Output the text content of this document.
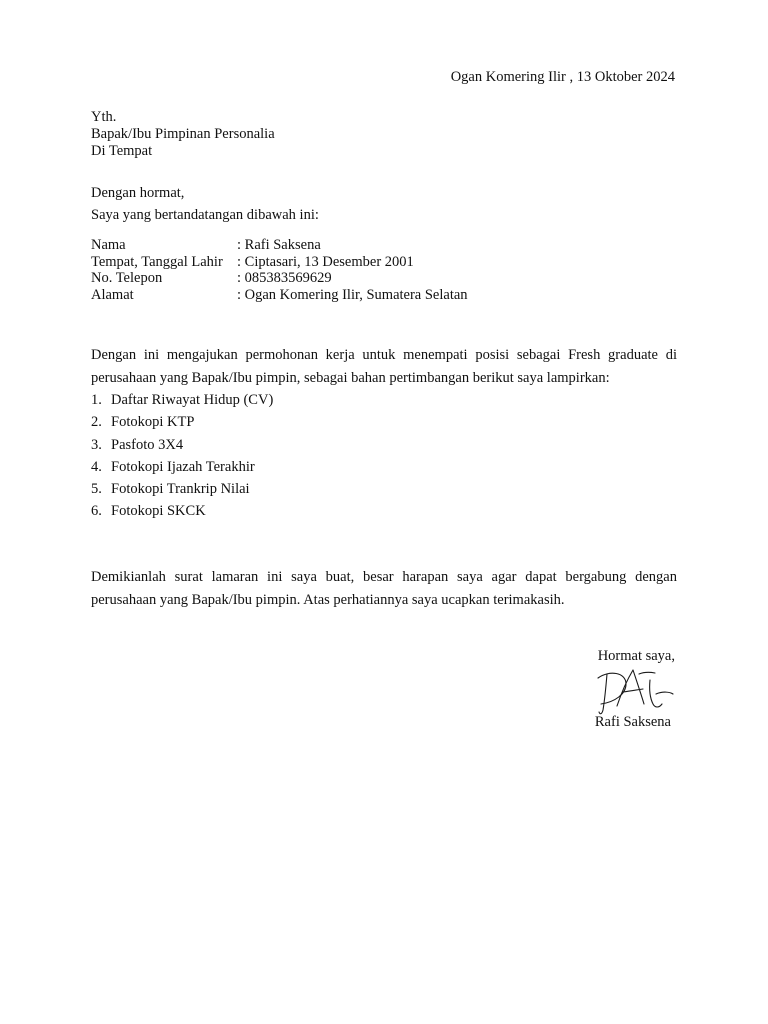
Ogan Komering Ilir , 13 Oktober 2024
Yth.
Bapak/Ibu Pimpinan Personalia
Di Tempat
Dengan hormat,
Saya yang bertandatangan dibawah ini:
Nama	: Rafi Saksena
Tempat, Tanggal Lahir : Ciptasari, 13 Desember 2001
No. Telepon	: 085383569629
Alamat	: Ogan Komering Ilir, Sumatera Selatan

Dengan ini mengajukan permohonan kerja untuk menempati posisi sebagai Fresh graduate di perusahaan yang Bapak/Ibu pimpin, sebagai bahan pertimbangan berikut saya lampirkan:

1. Daftar Riwayat Hidup (CV)
2. Fotokopi KTP
3. Pasfoto 3X4
4. Fotokopi Ijazah Terakhir
5. Fotokopi Trankrip Nilai
6. Fotokopi SKCK

Demikianlah surat lamaran ini saya buat, besar harapan saya agar dapat bergabung dengan perusahaan yang Bapak/Ibu pimpin. Atas perhatiannya saya ucapkan terimakasih.

Hormat saya,
Rafi Saksena
